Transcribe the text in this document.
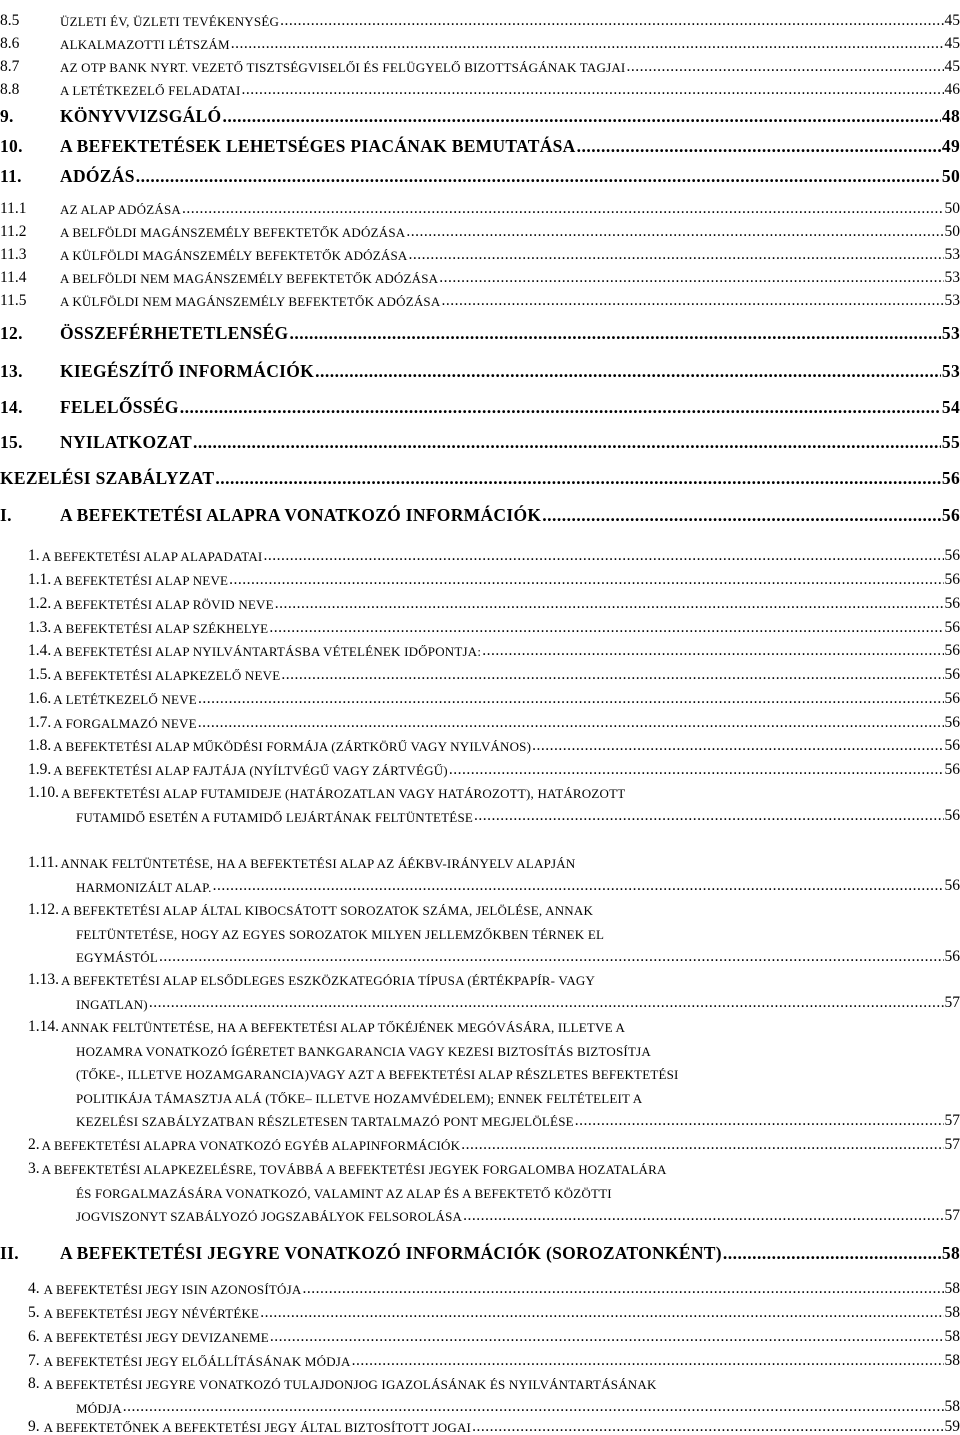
8.5	ÜZLETI ÉV, ÜZLETI TEVÉKENYSÉG .....	45
8.6	ALKALMAZOTTI LÉTSZÁM .....	45
8.7	AZ OTP BANK NYRT. VEZETŐ TISZTSÉGVISELŐI ÉS FELÜGYELŐ BIZOTTSÁGÁNAK TAGJAI .....	45
8.8	A LETÉTKEZELŐ FELADATAI .....	46
9.	KÖNYVVIZSGÁLÓ .....	48
10.	A BEFEKTETÉSEK LEHETSÉGES PIACÁNAK BEMUTATÁSA .....	49
11.	ADÓZÁS .....	50
11.1	AZ ALAP ADÓZÁSA .....	50
11.2	A BELFÖLDI MAGÁNSZEMÉLY BEFEKTETŐK ADÓZÁSA .....	50
11.3	A KÜLFÖLDI MAGÁNSZEMÉLY BEFEKTETŐK ADÓZÁSA .....	53
11.4	A BELFÖLDI NEM MAGÁNSZEMÉLY BEFEKTETŐK ADÓZÁSA .....	53
11.5	A KÜLFÖLDI NEM MAGÁNSZEMÉLY BEFEKTETŐK ADÓZÁSA .....	53
12.	ÖSSZEFÉRHETETLENSÉG .....	53
13.	KIEGÉSZÍTŐ INFORMÁCIÓK .....	53
14.	FELELŐSSÉG .....	54
15.	NYILATKOZAT .....	55
KEZELÉSI SZABÁLYZAT .....	56
I.	A BEFEKTETÉSI ALAPRA VONATKOZÓ INFORMÁCIÓK .....	56
1. A BEFEKTETÉSI ALAP ALAPADATAI .....	56
1.1. A BEFEKTETÉSI ALAP NEVE .....	56
1.2. A BEFEKTETÉSI ALAP RÖVID NEVE .....	56
1.3. A BEFEKTETÉSI ALAP SZÉKHELYE .....	56
1.4. A BEFEKTETÉSI ALAP NYILVÁNTARTÁSBA VÉTELÉNEK IDŐPONTJA: .....	56
1.5. A BEFEKTETÉSI ALAPKEZELŐ NEVE .....	56
1.6. A LETÉTKEZELŐ NEVE .....	56
1.7. A FORGALMAZÓ NEVE .....	56
1.8. A BEFEKTETÉSI ALAP MŰKÖDÉSI FORMÁJA (ZÁRTKÖRŰ VAGY NYILVÁNOS) .....	56
1.9. A BEFEKTETÉSI ALAP FAJTÁJA (NYÍLTVÉGŰ VAGY ZÁRTVÉGŰ) .....	56
1.10. A BEFEKTETÉSI ALAP FUTAMIDEJE (HATÁROZATLAN VAGY HATÁROZOTT), HATÁROZOTT
FUTAMIDŐ ESETÉN A FUTAMIDŐ LEJÁRTÁNAK FELTÜNTETÉSE .....	56
1.11. ANNAK FELTÜNTETÉSE, HA A BEFEKTETÉSI ALAP AZ ÁÉKBV-IRÁNYELV ALAPJÁN
HARMONIZÁLT ALAP. .....	56
1.12. A BEFEKTETÉSI ALAP ÁLTAL KIBOCSÁTOTT SOROZATOK SZÁMA, JELÖLÉSE, ANNAK
FELTÜNTETÉSE, HOGY AZ EGYES SOROZATOK MILYEN JELLEMZŐKBEN TÉRNEK EL
EGYMÁSTÓL .....	56
1.13. A BEFEKTETÉSI ALAP ELSŐDLEGES ESZKÖZKATEGÓRIA TÍPUSA (ÉRTÉKPAPÍR- VAGY
INGATLAN) .....	57
1.14. ANNAK FELTÜNTETÉSE, HA A BEFEKTETÉSI ALAP TŐKÉJÉNEK MEGÓVÁSÁRA, ILLETVE A
HOZAMRA VONATKOZÓ ÍGÉRETET BANKGARANCIA VAGY KEZESI BIZTOSÍTÁS BIZTOSÍTJA
(TŐKE-, ILLETVE HOZAMGARANCIA)VAGY AZT A BEFEKTETÉSI ALAP RÉSZLETES BEFEKTETÉSI
POLITIKÁJA TÁMASZTJA ALÁ (TŐKE– ILLETVE HOZAMVÉDELEM); ENNEK FELTÉTELEIT A
KEZELÉSI SZABÁLYZATBAN RÉSZLETESEN TARTALMAZÓ PONT MEGJELÖLÉSE .....	57
2. A BEFEKTETÉSI ALAPRA VONATKOZÓ EGYÉB ALAPINFORMÁCIÓK .....	57
3. A BEFEKTETÉSI ALAPKEZELÉSRE, TOVÁBBÁ A BEFEKTETÉSI JEGYEK FORGALOMBA HOZATALÁRA
ÉS FORGALMAZÁSÁRA VONATKOZÓ, VALAMINT AZ ALAP ÉS A BEFEKTETŐ KÖZÖTTI
JOGVISZONYT SZABÁLYOZÓ JOGSZABÁLYOK FELSOROLÁSA .....	57
II.	A BEFEKTETÉSI JEGYRE VONATKOZÓ INFORMÁCIÓK (SOROZATONKÉNT) .....	58
4. A BEFEKTETÉSI JEGY ISIN AZONOSÍTÓJA .....	58
5. A BEFEKTETÉSI JEGY NÉVÉRTÉKE .....	58
6. A BEFEKTETÉSI JEGY DEVIZANEME .....	58
7. A BEFEKTETÉSI JEGY ELŐÁLLÍTÁSÁNAK MÓDJA .....	58
8. A BEFEKTETÉSI JEGYRE VONATKOZÓ TULAJDONJOG IGAZOLÁSÁNAK ÉS NYILVÁNTARTÁSÁNAK
MÓDJA .....	58
9. A BEFEKTETŐNEK A BEFEKTETÉSI JEGY ÁLTAL BIZTOSÍTOTT JOGAI .....	59
